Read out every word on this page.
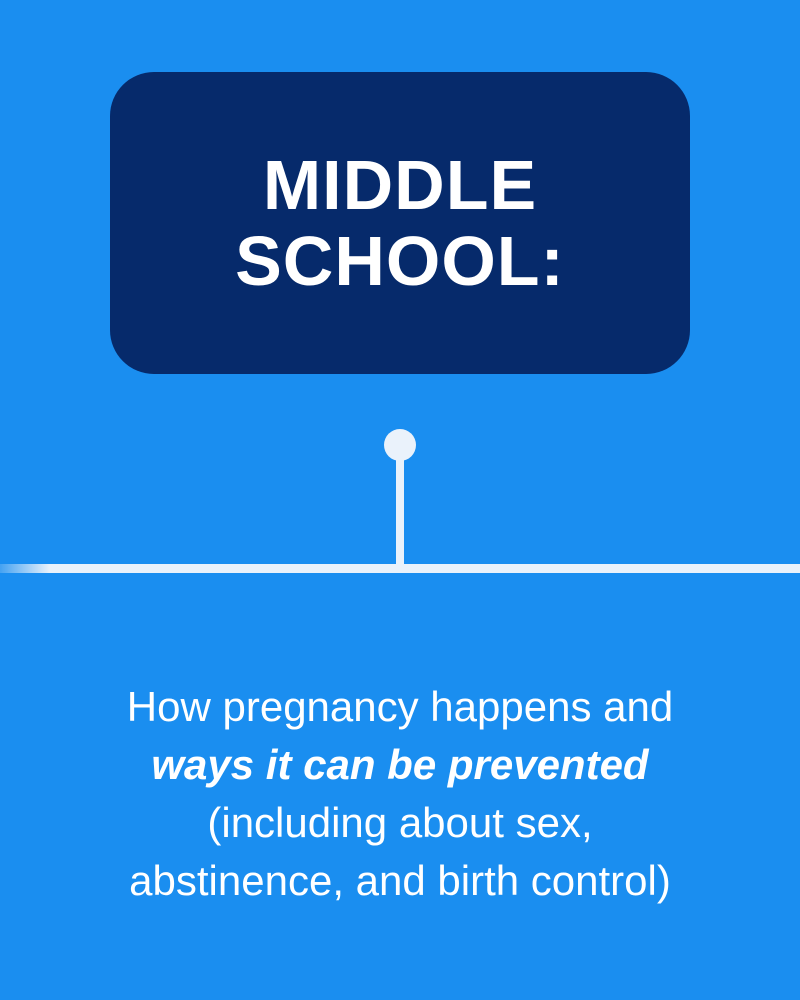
MIDDLE
SCHOOL:
How pregnancy happens and
ways it can be prevented
(including about sex,
abstinence, and birth control)
